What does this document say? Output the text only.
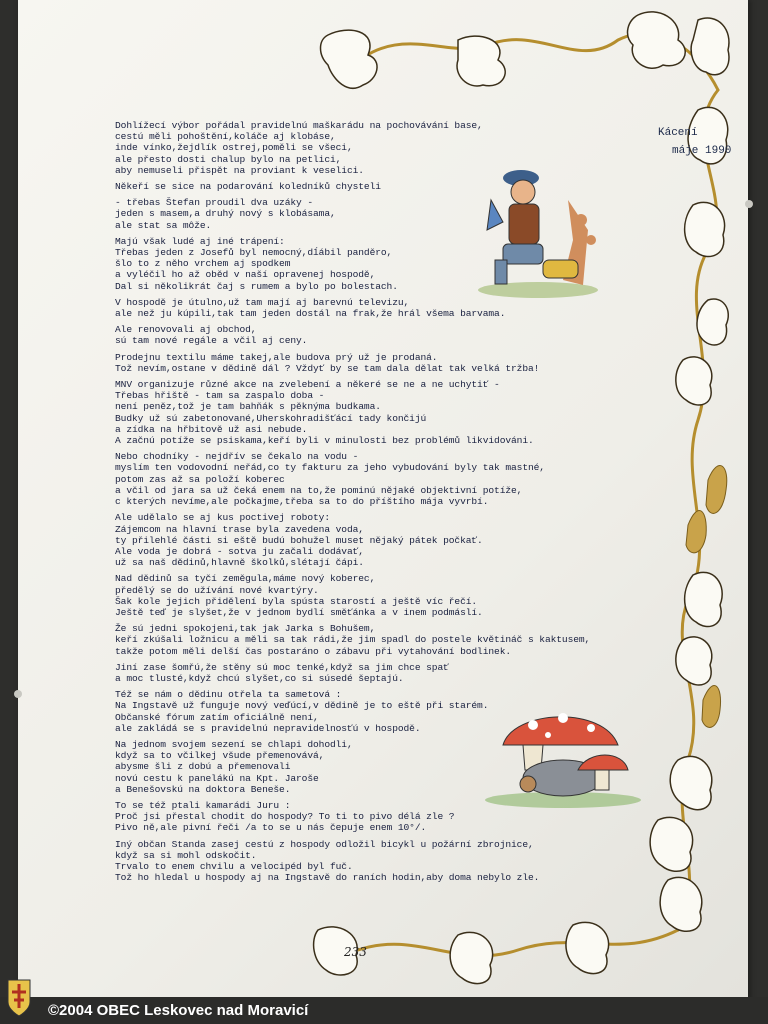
Kácení
máje 1990
Dohlížecí výbor pořádal pravidelnú maškarádu na pochovávání base,
cestú měli pohoštění,koláče aj klobáse,
inde vínko,žejdlík ostrej,poměli se všeci,
ale přesto dosti chalup bylo na petlici,
aby nemuseli přispět na proviant k veselici.
Někeří se sice na podarování koledníků chysteli
- třebas Štefan proudil dva uzáky -
jeden s masem,a druhý nový s klobásama,
ale stat sa môže.
Majú však ludé aj iné trápení:
Třebas jeden z Josefů byl nemocný,dĺábil panděro,
šlo to z něho vrchem aj spodkem
a vyléčil ho až oběd v naší opravenej hospodě,
Dal si několikrát čaj s rumem a bylo po bolestach.
V hospodě je útulno,už tam mají aj barevnú televizu,
ale než ju kúpili,tak tam jeden dostál na frak,že hrál všema barvama.
Ale renovovali aj obchod,
sú tam nové regále a včil aj ceny.
Prodejnu textilu máme takej,ale budova prý už je prodaná.
Tož nevím,ostane v dědině dál ? Vždyť by se tam dala dělat tak velká tržba!
MNV organizuje různé akce na zvelebení a někeré se ne a ne uchytiť -
Třebas hřiště - tam sa zaspalo doba -
není peněz,tož je tam bahňák s pěknýma budkama.
Budky už sú zabetonované,Uherskohradišťácí tady končijú
a zídka na hřbitově už asi nebude.
A začnú potíže se psiskama,keří byli v minulosti bez problémů likvidováni.
Nebo chodníky - nejdřív se čekalo na vodu -
myslím ten vodovodní neřád,co ty fakturu za jeho vybudování byly tak mastné,
potom zas až sa položí koberec
a včil od jara sa už čeká enem na to,že pominú nějaké objektivní potíže,
c kterých nevíme,ale počkajme,třeba sa to do příštího mája vyvrbí.
Ale udělalo se aj kus poctivej roboty:
Zájemcom na hlavní trase byla zavedena voda,
ty přilehlé části si eště budú bohužel muset nějaký pátek počkať.
Ale voda je dobrá - sotva ju začali dodávať,
už sa naš dědinů,hlavně školků,slétají čápi.
Nad dědinů sa tyčí zeměgula,máme nový koberec,
předělý se do užívání nové kvartýry.
Šak kole jejich přidělení byla spústa starostí a ještě víc řečí.
Ještě teď je slyšet,že v jednom bydlí směťánka a v inem podmáslí.
Že sú jedni spokojeni,tak jak Jarka s Bohušem,
keří zkúšali ložnicu a měli sa tak rádi,že jim spadl do postele květináč s kaktusem,
takže potom měli delší čas postaráno o zábavu při vytahování bodlinek.
Jiní zase šomřú,že stěny sú moc tenké,když sa jim chce spať
a moc tlusté,když chcú slyšet,co si súsedé šeptajú.
Též se nám o dědinu otřela ta sametová :
Na Ingstavě už funguje nový veďúcí,v dědině je to eště při starém.
Občanské fórum zatím oficiálně není,
ale zakládá se s pravidelnú nepravidelnosťú v hospodě.
Na jednom svojem sezení se chlapi dohodli,
když sa to včilkej všude přemenovává,
abysme šli z dobú a přemenovali
novú cestu k panelákú na Kpt. Jaroše
a Benešovskú na doktora Beneše.
To se též ptali kamarádi Juru :
Proč jsi přestal chodit do hospody? To ti to pivo délá zle ?
Pivo ně,ale pivní řeči /a to se u nás čepuje enem 10°/.
Iný občan Standa zasej cestú z hospody odložil bicykl u požární zbrojnice,
když sa si mohl odskočit.
Trvalo to enem chvilu a velocipéd byl fuč.
Tož ho hledal u hospody aj na Ingstavě do raních hodin,aby doma nebylo zle.
233
©2004 OBEC Leskovec nad Moravicí
